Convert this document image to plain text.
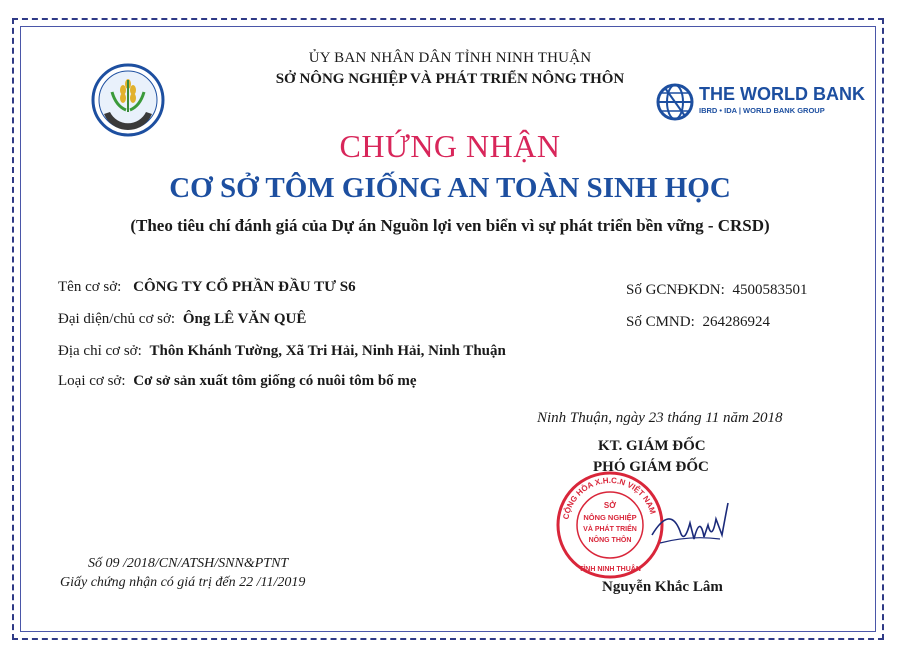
ỦY BAN NHÂN DÂN TỈNH NINH THUẬN
SỞ NÔNG NGHIỆP VÀ PHÁT TRIỂN NÔNG THÔN
THE WORLD BANK
IBRD • IDA | WORLD BANK GROUP
CHỨNG NHẬN
CƠ SỞ TÔM GIỐNG AN TOÀN SINH HỌC
(Theo tiêu chí đánh giá của Dự án Nguồn lợi ven biển vì sự phát triển bền vững - CRSD)
Tên cơ sở: CÔNG TY CỔ PHẦN ĐẦU TƯ S6	Số GCNĐKDN: 4500583501
Đại diện/chủ cơ sở: Ông LÊ VĂN QUÊ	Số CMND: 264286924
Địa chỉ cơ sở: Thôn Khánh Tường, Xã Tri Hải, Ninh Hải, Ninh Thuận
Loại cơ sở: Cơ sở sản xuất tôm giống có nuôi tôm bố mẹ
Ninh Thuận, ngày 23 tháng 11 năm 2018
KT. GIÁM ĐỐC
PHÓ GIÁM ĐỐC
CỘNG HÒA X.H.C.N VIỆT NAM
SỞ
NÔNG NGHIỆP
VÀ PHÁT TRIỂN
NÔNG THÔN
TỈNH NINH THUẬN
Nguyễn Khắc Lâm
Số 09 /2018/CN/ATSH/SNN&PTNT
Giấy chứng nhận có giá trị đến 22 /11/2019
